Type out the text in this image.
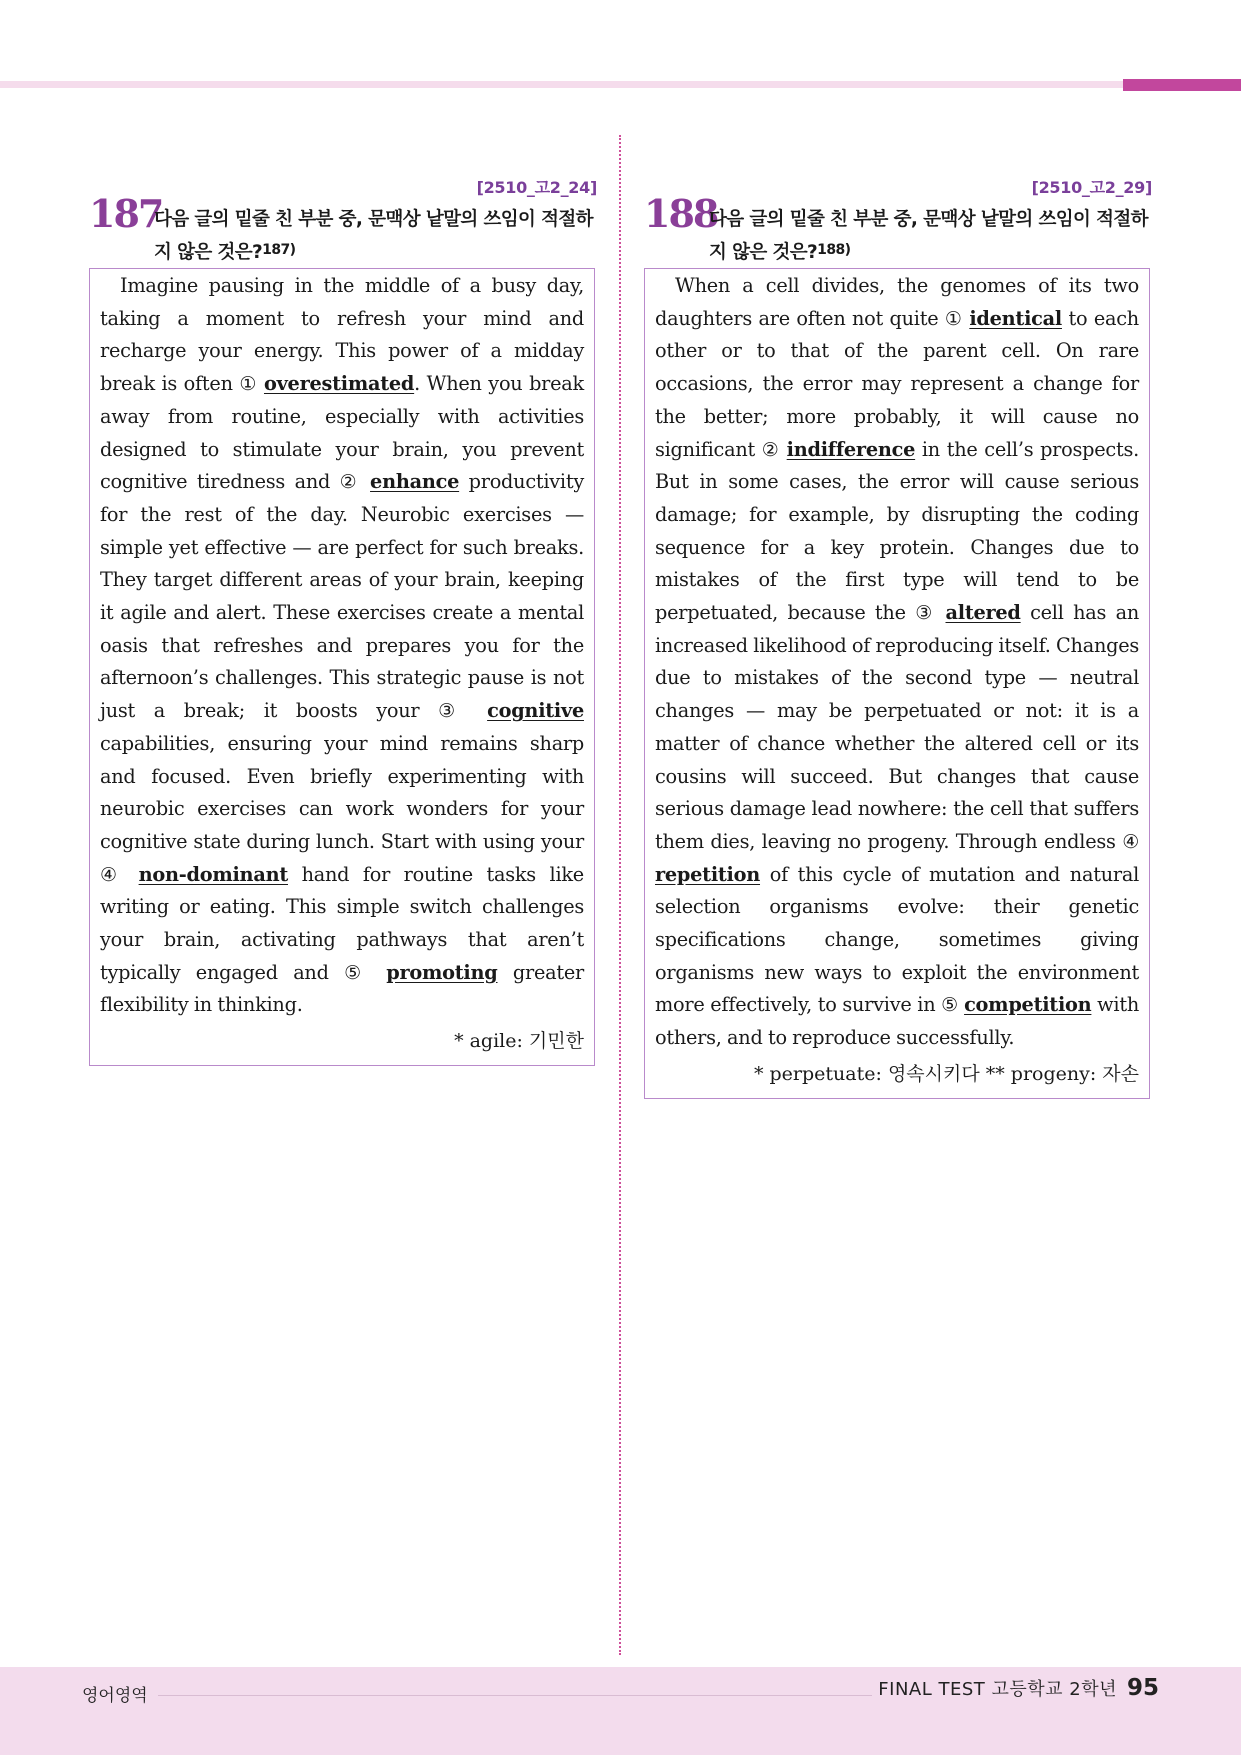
[2510_고2_24]
187
다음 글의 밑줄 친 부분 중, 문맥상 낱말의 쓰임이 적절하지 않은 것은?$^{187)}$

Imagine pausing in the middle of a busy day, taking a moment to refresh your mind and recharge your energy. This power of a midday break is often ① overestimated. When you break away from routine, especially with activities designed to stimulate your brain, you prevent cognitive tiredness and ② enhance productivity for the rest of the day. Neurobic exercises — simple yet effective — are perfect for such breaks. They target different areas of your brain, keeping it agile and alert. These exercises create a mental oasis that refreshes and prepares you for the afternoon’s challenges. This strategic pause is not just a break; it boosts your ③ cognitive capabilities, ensuring your mind remains sharp and focused. Even briefly experimenting with neurobic exercises can work wonders for your cognitive state during lunch. Start with using your ④ non-dominant hand for routine tasks like writing or eating. This simple switch challenges your brain, activating pathways that aren’t typically engaged and ⑤ promoting greater flexibility in thinking.

* agile: 기민한
[2510_고2_29]
188
다음 글의 밑줄 친 부분 중, 문맥상 낱말의 쓰임이 적절하지 않은 것은?$^{188)}$

When a cell divides, the genomes of its two daughters are often not quite ① identical to each other or to that of the parent cell. On rare occasions, the error may represent a change for the better; more probably, it will cause no significant ② indifference in the cell’s prospects. But in some cases, the error will cause serious damage; for example, by disrupting the coding sequence for a key protein. Changes due to mistakes of the first type will tend to be perpetuated, because the ③ altered cell has an increased likelihood of reproducing itself. Changes due to mistakes of the second type — neutral changes — may be perpetuated or not: it is a matter of chance whether the altered cell or its cousins will succeed. But changes that cause serious damage lead nowhere: the cell that suffers them dies, leaving no progeny. Through endless ④ repetition of this cycle of mutation and natural selection organisms evolve: their genetic specifications change, sometimes giving organisms new ways to exploit the environment more effectively, to survive in ⑤ competition with others, and to reproduce successfully.

* perpetuate: 영속시키다 ** progeny: 자손
영어영역	FINAL TEST 고등학교 2학년 95
